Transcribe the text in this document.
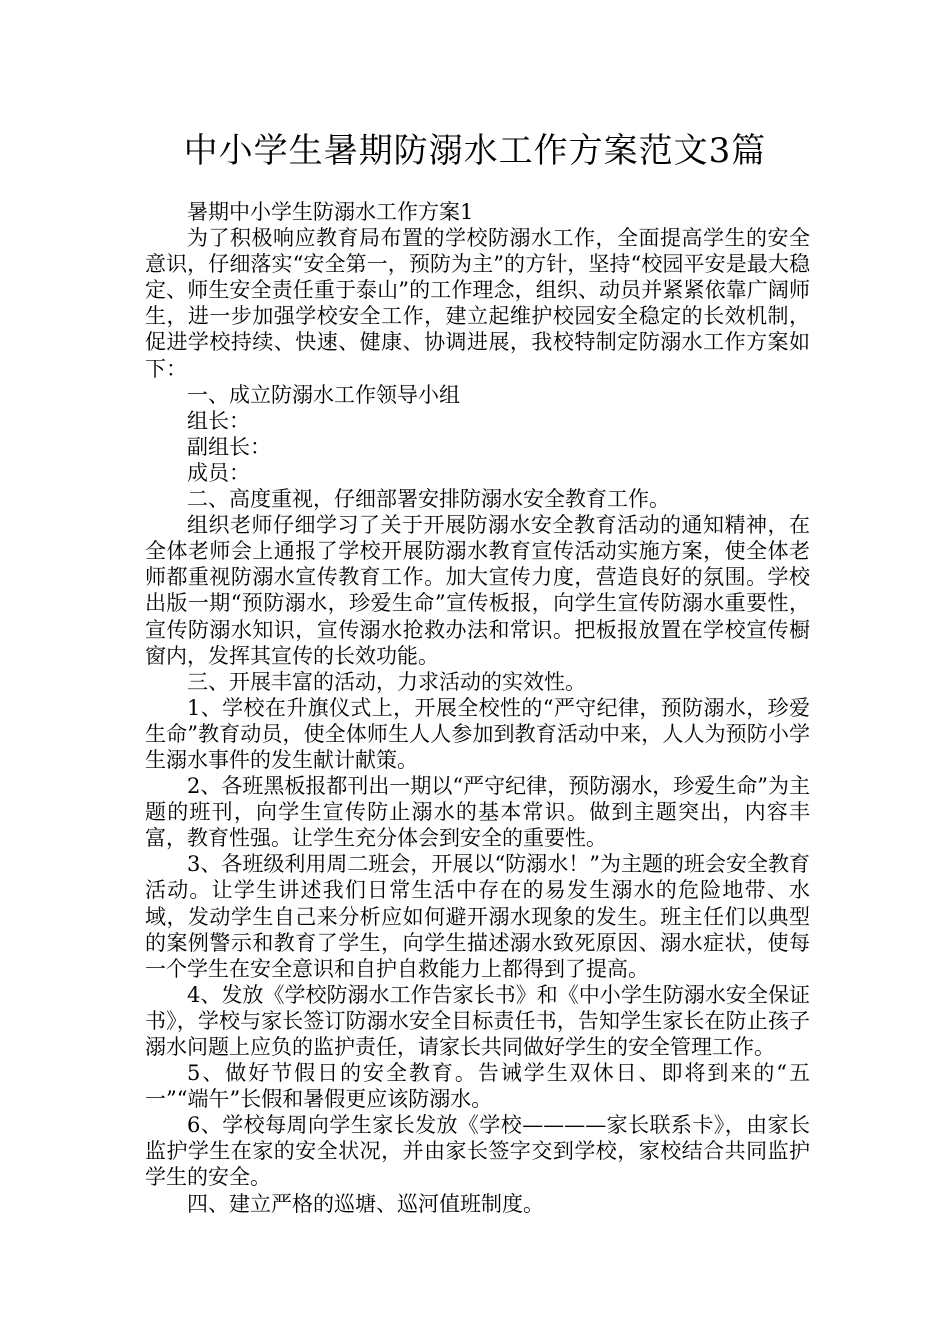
中小学生暑期防溺水工作方案范文3篇

暑期中小学生防溺水工作方案1

为了积极响应教育局布置的学校防溺水工作，全面提高学生的安全意识，仔细落实“安全第一，预防为主”的方针，坚持“校园平安是最大稳定、师生安全责任重于泰山”的工作理念，组织、动员并紧紧依靠广阔师生，进一步加强学校安全工作，建立起维护校园安全稳定的长效机制，促进学校持续、快速、健康、协调进展，我校特制定防溺水工作方案如下：

一、成立防溺水工作领导小组

组长：

副组长：

成员：

二、高度重视，仔细部署安排防溺水安全教育工作。

组织老师仔细学习了关于开展防溺水安全教育活动的通知精神，在全体老师会上通报了学校开展防溺水教育宣传活动实施方案，使全体老师都重视防溺水宣传教育工作。加大宣传力度，营造良好的氛围。学校出版一期“预防溺水，珍爱生命”宣传板报，向学生宣传防溺水重要性，宣传防溺水知识，宣传溺水抢救办法和常识。把板报放置在学校宣传橱窗内，发挥其宣传的长效功能。

三、开展丰富的活动，力求活动的实效性。

1、学校在升旗仪式上，开展全校性的“严守纪律，预防溺水，珍爱生命”教育动员，使全体师生人人参加到教育活动中来，人人为预防小学生溺水事件的发生献计献策。

2、各班黑板报都刊出一期以“严守纪律，预防溺水，珍爱生命”为主题的班刊，向学生宣传防止溺水的基本常识。做到主题突出，内容丰富，教育性强。让学生充分体会到安全的重要性。

3、各班级利用周二班会，开展以“防溺水！”为主题的班会安全教育活动。让学生讲述我们日常生活中存在的易发生溺水的危险地带、水域，发动学生自己来分析应如何避开溺水现象的发生。班主任们以典型的案例警示和教育了学生，向学生描述溺水致死原因、溺水症状，使每一个学生在安全意识和自护自救能力上都得到了提高。

4、发放《学校防溺水工作告家长书》和《中小学生防溺水安全保证书》，学校与家长签订防溺水安全目标责任书，告知学生家长在防止孩子溺水问题上应负的监护责任，请家长共同做好学生的安全管理工作。

5、做好节假日的安全教育。告诫学生双休日、即将到来的“五一”“端午”长假和暑假更应该防溺水。

6、学校每周向学生家长发放《学校————家长联系卡》，由家长监护学生在家的安全状况，并由家长签字交到学校，家校结合共同监护学生的安全。

四、建立严格的巡塘、巡河值班制度。
